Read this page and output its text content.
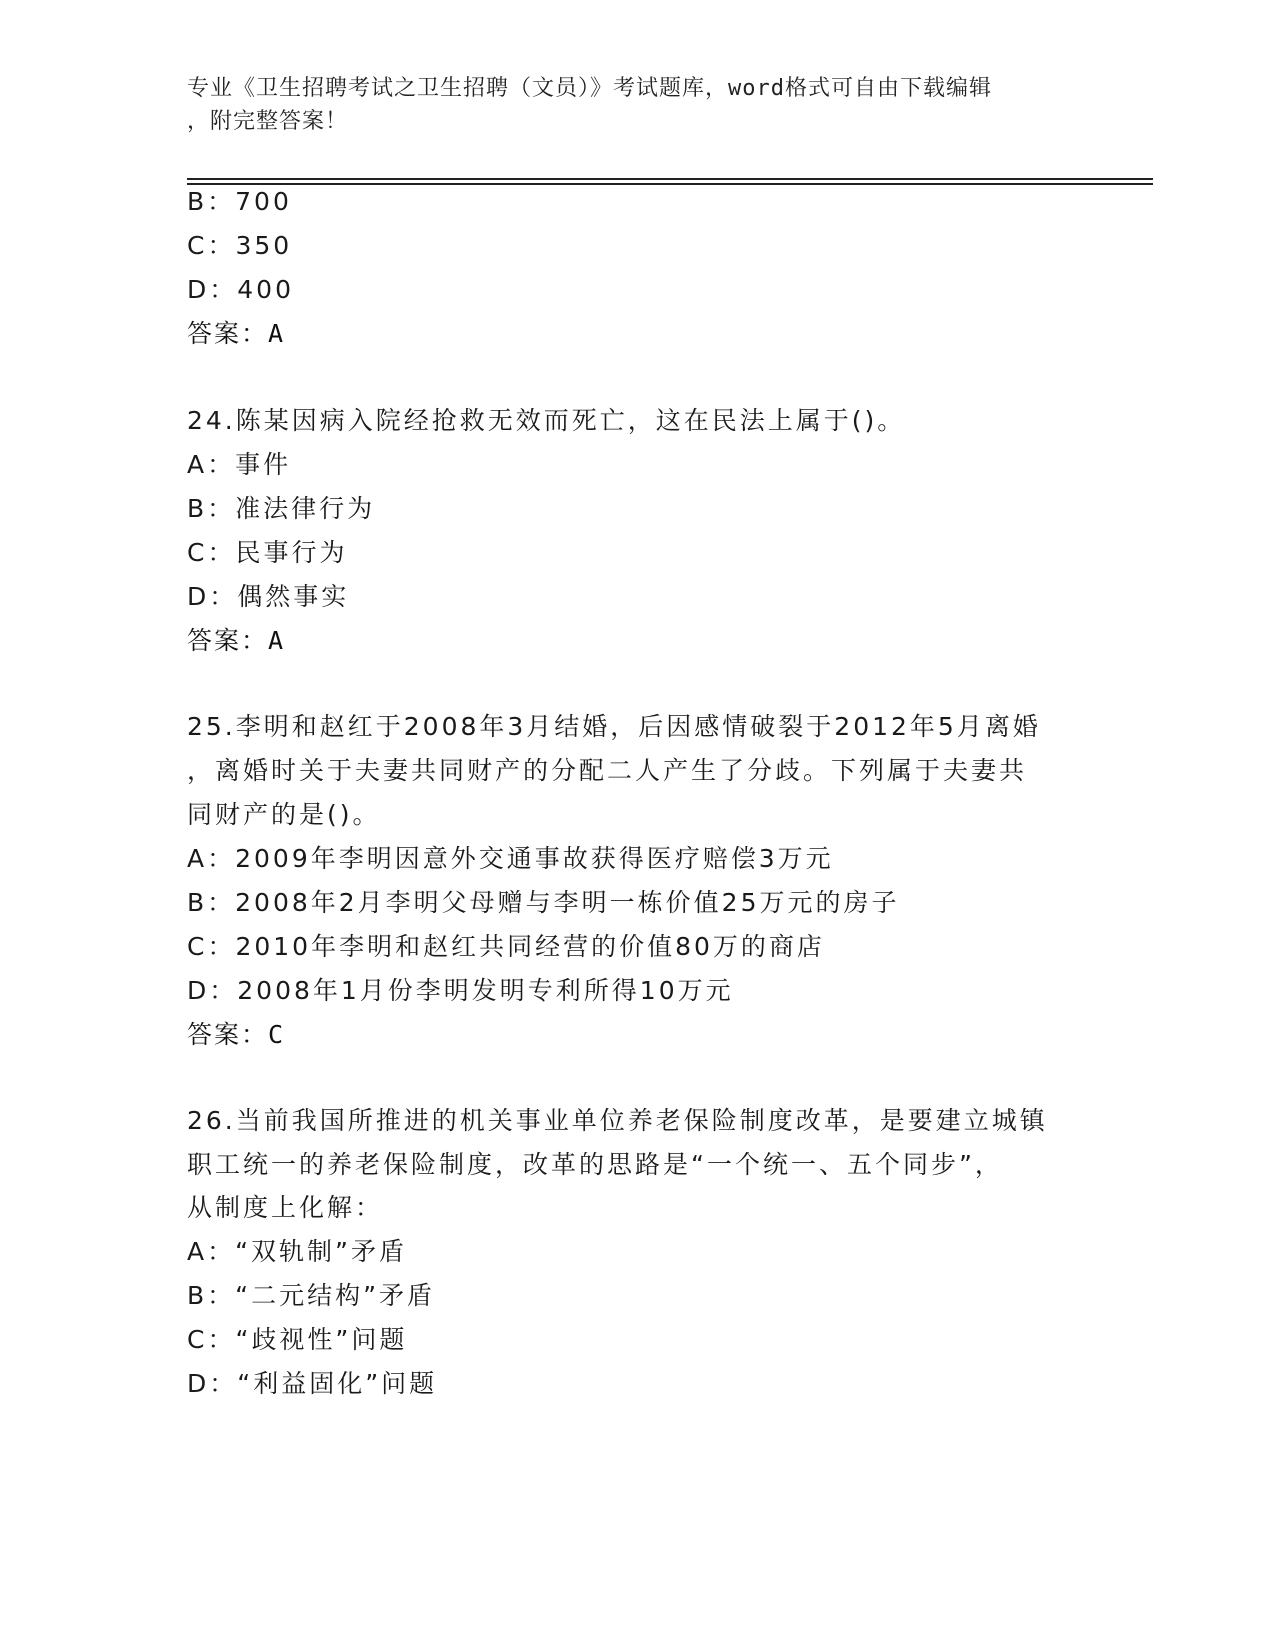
专业《卫生招聘考试之卫生招聘（文员）》考试题库，word格式可自由下载编辑
，附完整答案！
B：700
C：350
D：400
答案：A
24.陈某因病入院经抢救无效而死亡，这在民法上属于()。
A：事件
B：准法律行为
C：民事行为
D：偶然事实
答案：A
25.李明和赵红于2008年3月结婚，后因感情破裂于2012年5月离婚
，离婚时关于夫妻共同财产的分配二人产生了分歧。下列属于夫妻共
同财产的是()。
A：2009年李明因意外交通事故获得医疗赔偿3万元
B：2008年2月李明父母赠与李明一栋价值25万元的房子
C：2010年李明和赵红共同经营的价值80万的商店
D：2008年1月份李明发明专利所得10万元
答案：C
26.当前我国所推进的机关事业单位养老保险制度改革，是要建立城镇
职工统一的养老保险制度，改革的思路是“一个统一、五个同步”，
从制度上化解：
A：“双轨制”矛盾
B：“二元结构”矛盾
C：“歧视性”问题
D：“利益固化”问题
